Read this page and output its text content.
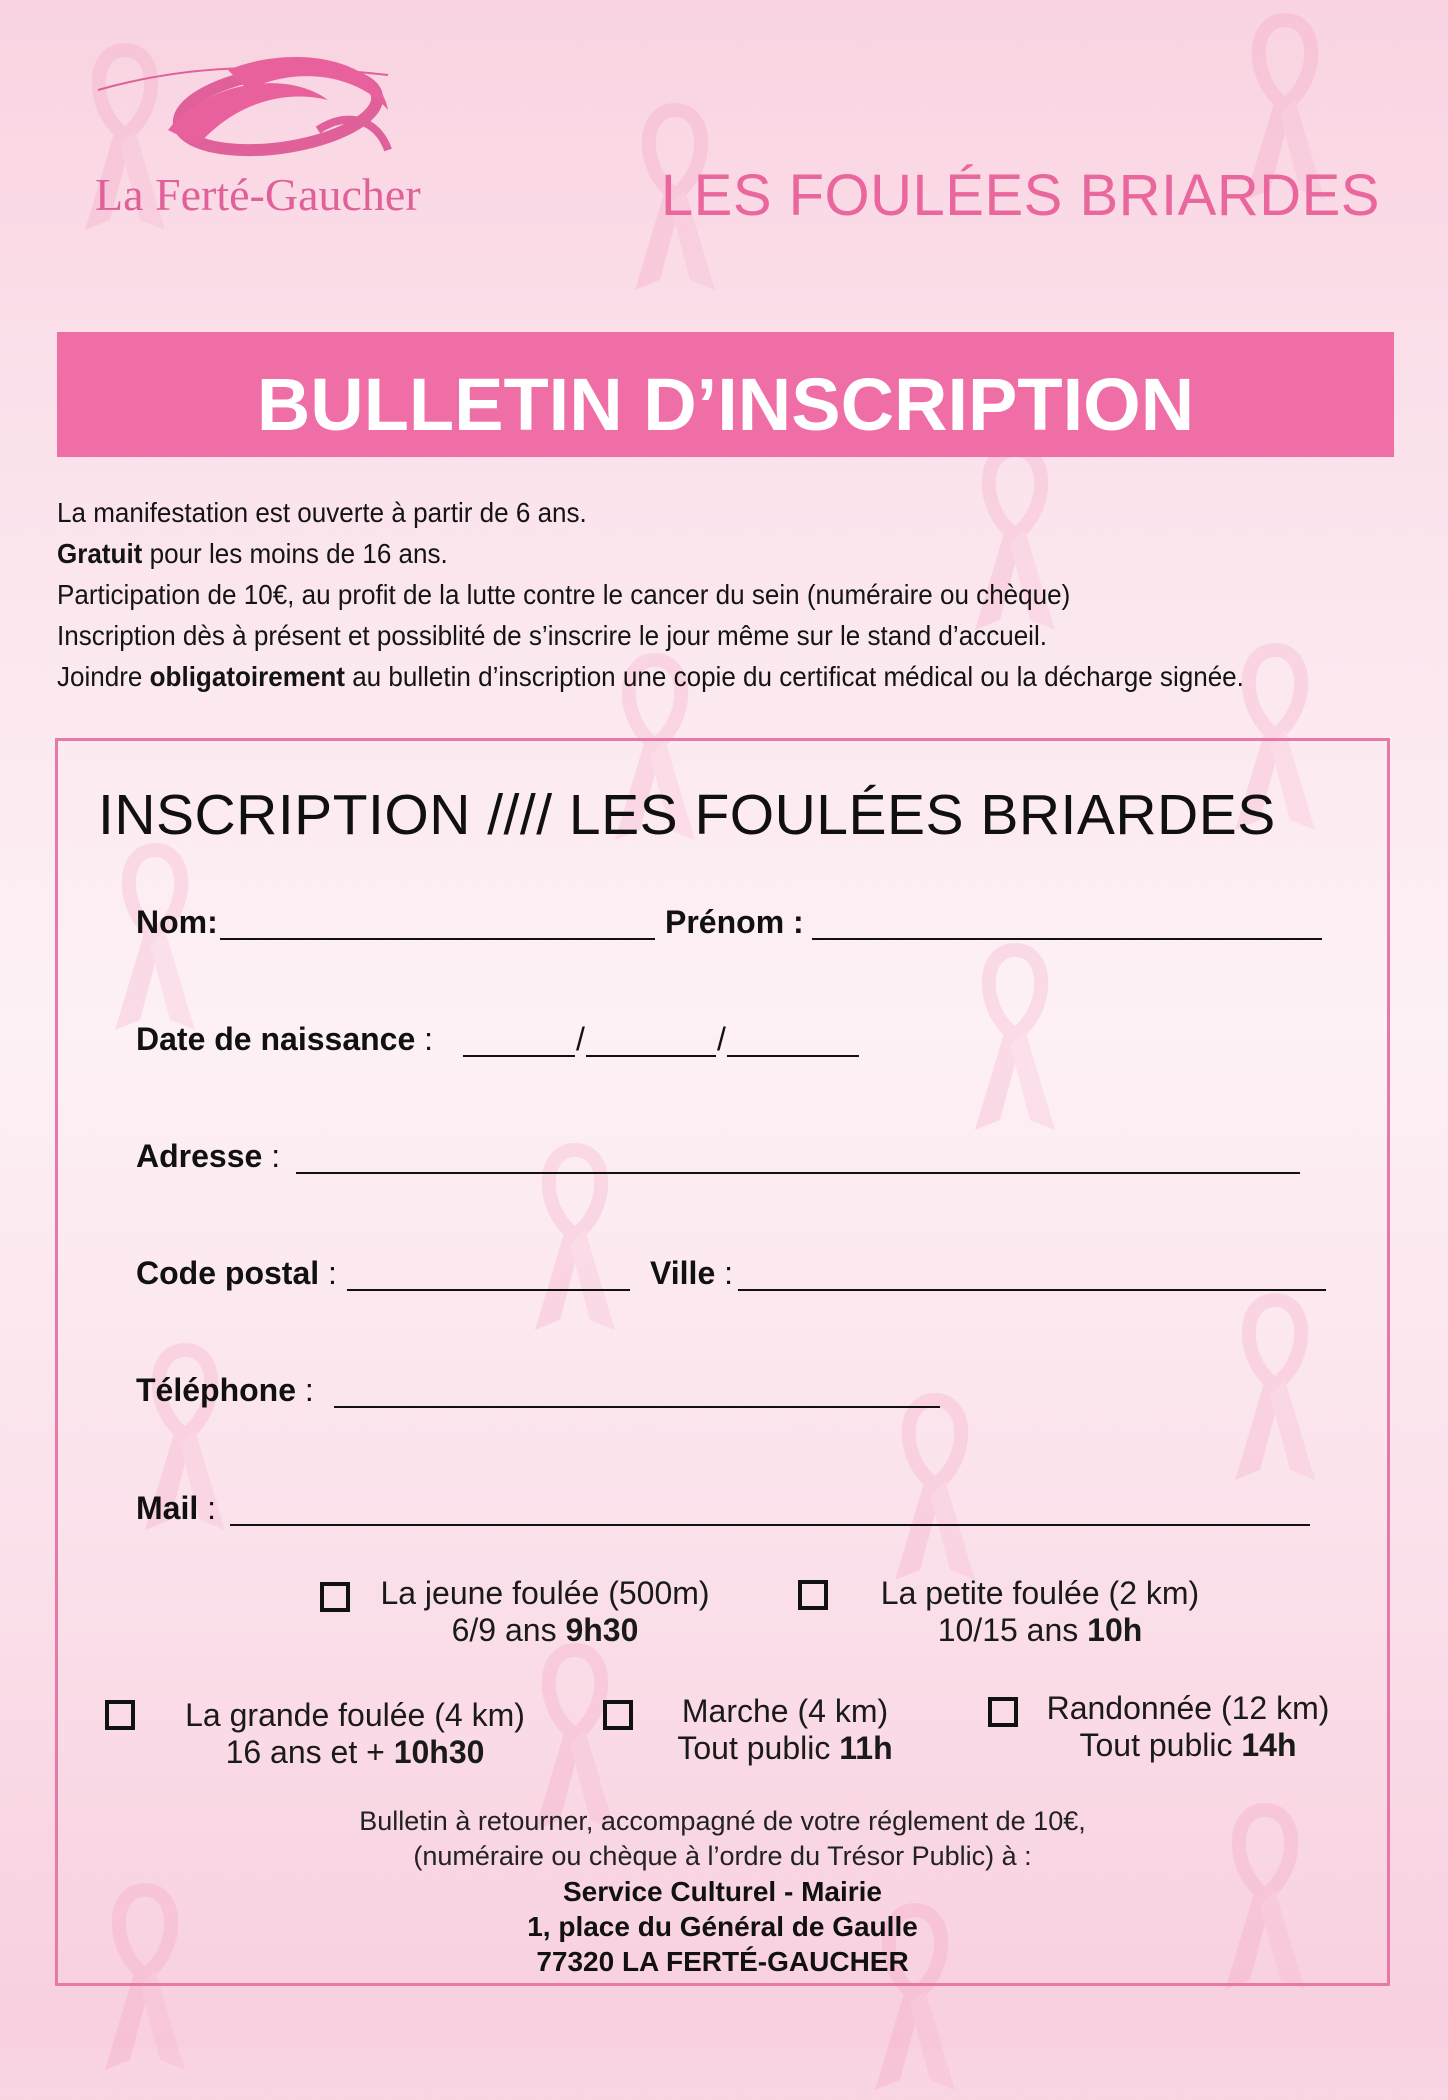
La Ferté-Gaucher	LES FOULÉES BRIARDES
BULLETIN D’INSCRIPTION
La manifestation est ouverte à partir de 6 ans.
Gratuit pour les moins de 16 ans.
Participation de 10€, au profit de la lutte contre le cancer du sein (numéraire ou chèque)
Inscription dès à présent et possiblité de s’inscrire le jour même sur le stand d’accueil.
Joindre obligatoirement au bulletin d’inscription une copie du certificat médical ou la décharge signée.
INSCRIPTION //// LES FOULÉES BRIARDES
Nom:	Prénom :
Date de naissance :	/	/
Adresse :
Code postal :	Ville :
Téléphone :
Mail :
La jeune foulée (500m)
6/9 ans 9h30
La petite foulée (2 km)
10/15 ans 10h
La grande foulée (4 km)
16 ans et + 10h30
Marche (4 km)
Tout public 11h
Randonnée (12 km)
Tout public 14h
Bulletin à retourner, accompagné de votre réglement de 10€,
(numéraire ou chèque à l’ordre du Trésor Public) à :
Service Culturel - Mairie
1, place du Général de Gaulle
77320 LA FERTÉ-GAUCHER
